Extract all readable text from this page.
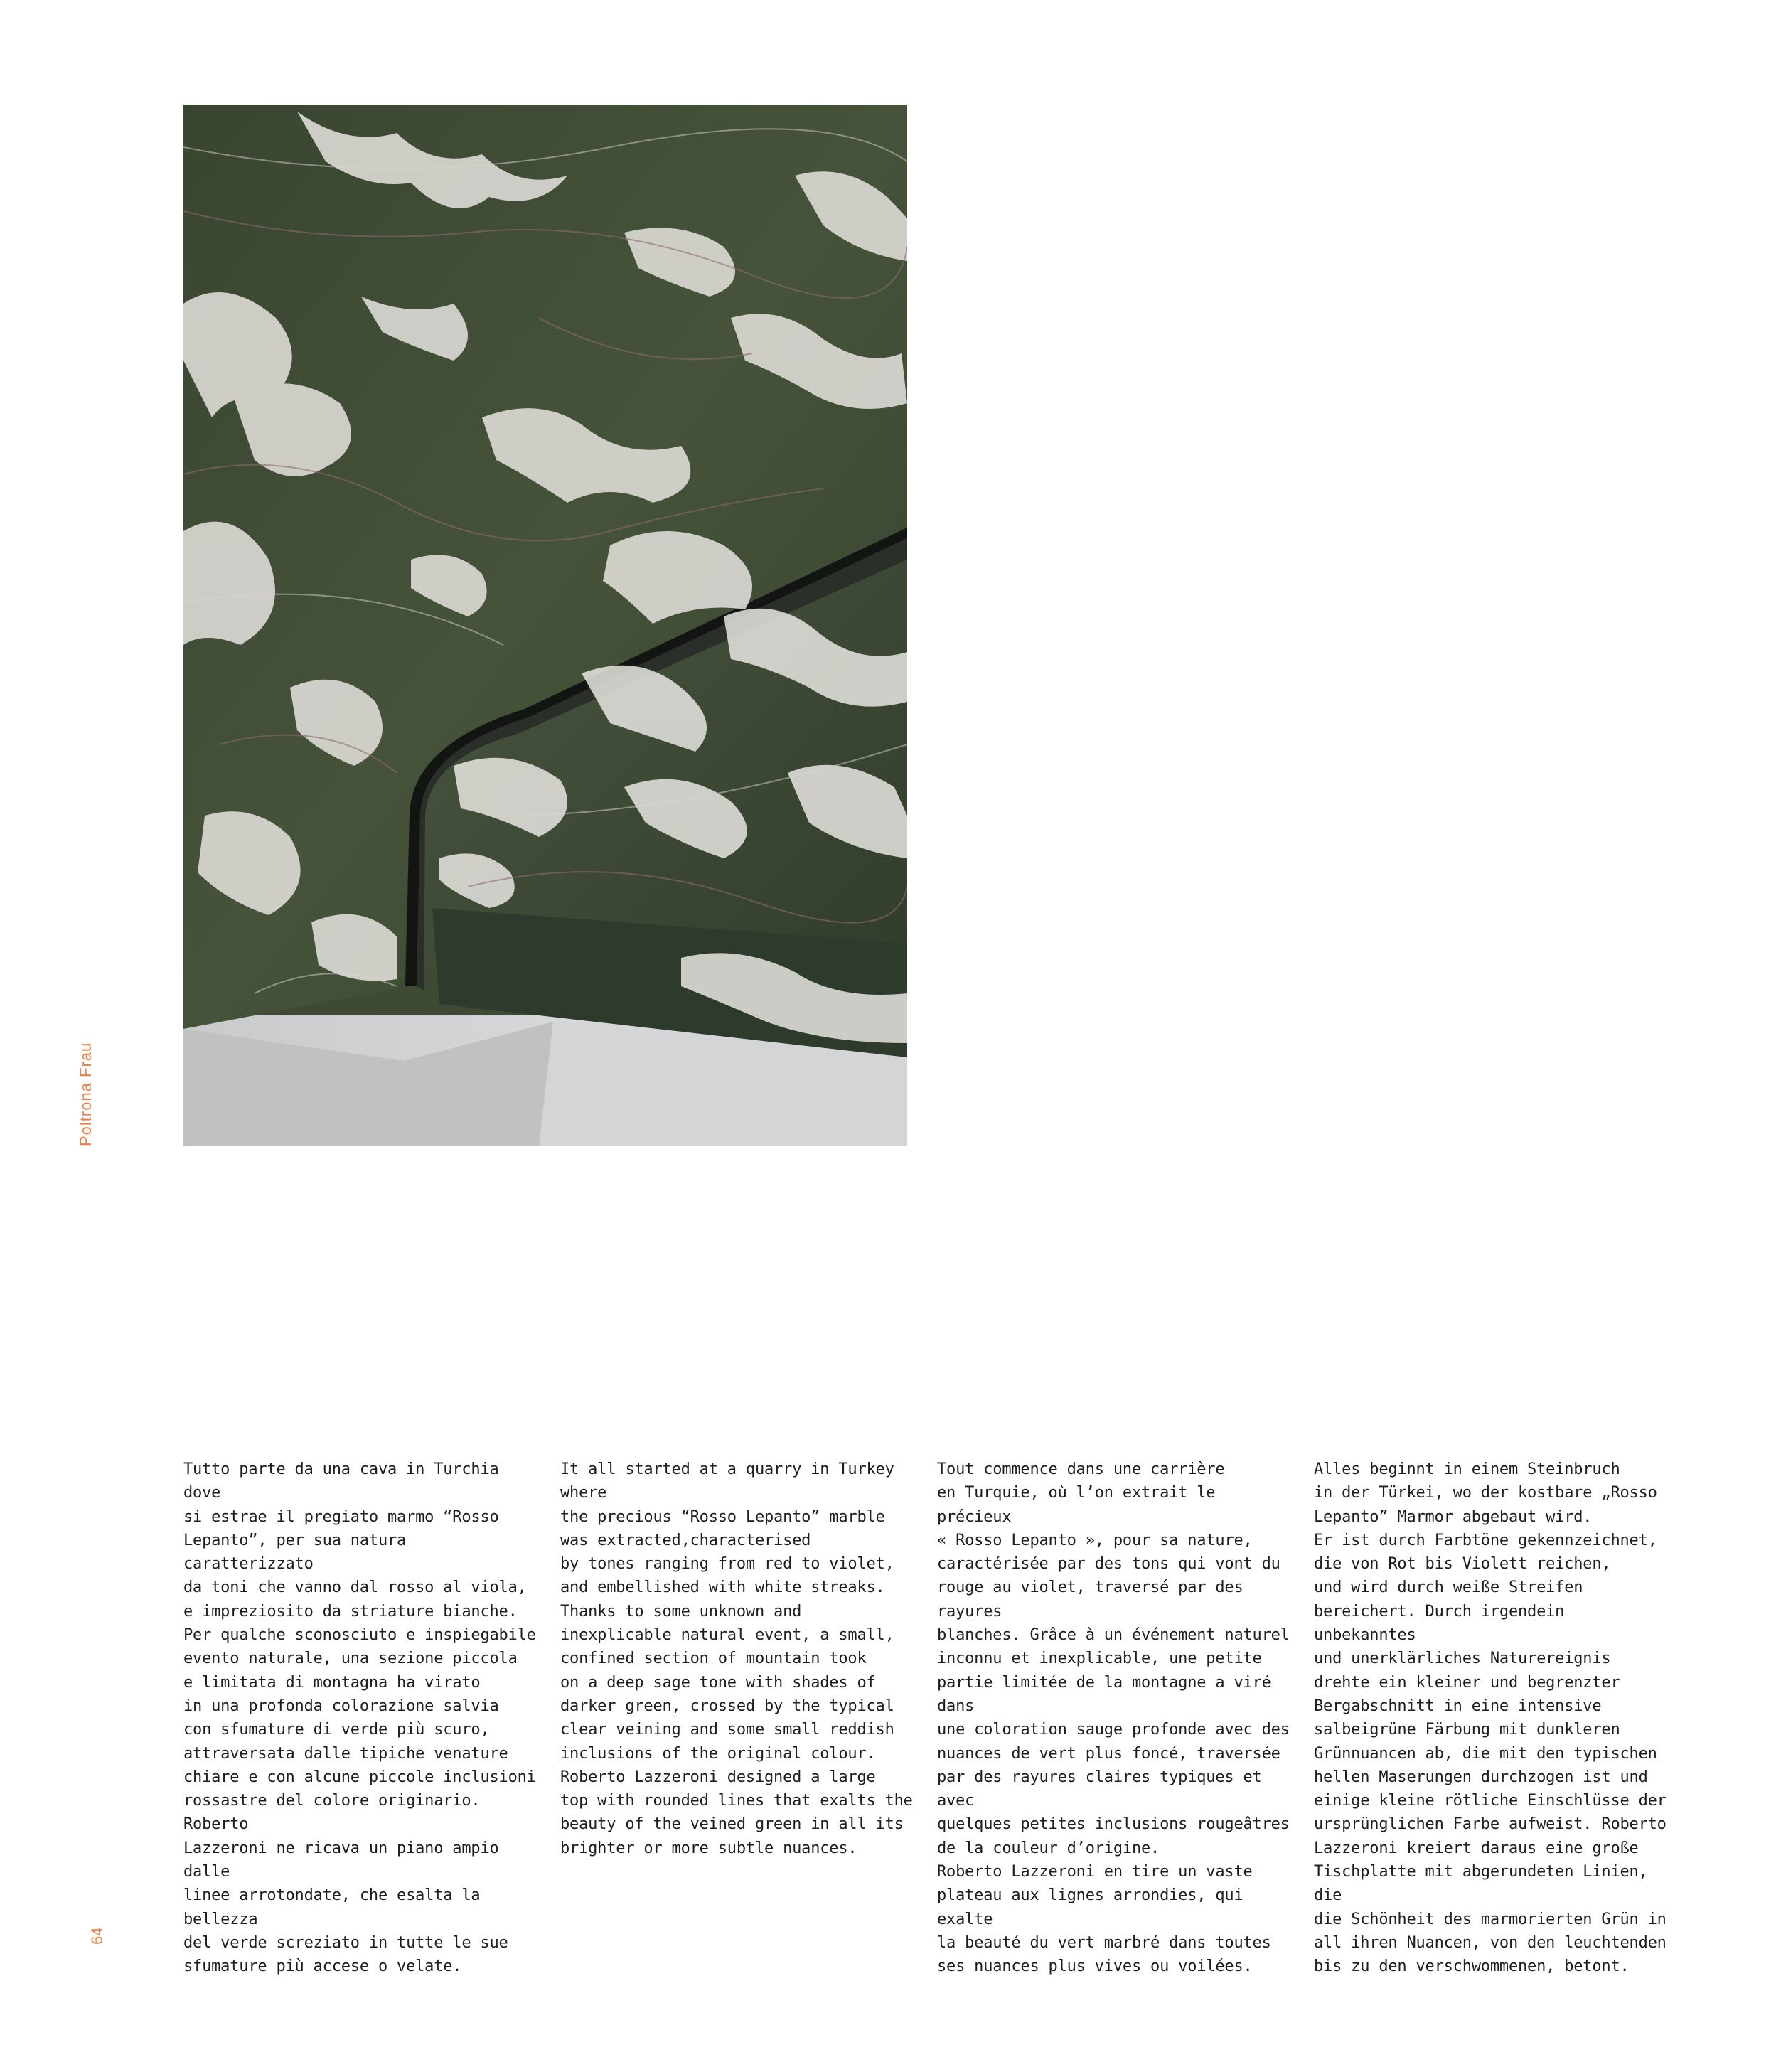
Poltrona Frau
64
Tutto parte da una cava in Turchia dove
si estrae il pregiato marmo “Rosso
Lepanto”, per sua natura caratterizzato
da toni che vanno dal rosso al viola,
e impreziosito da striature bianche.
Per qualche sconosciuto e inspiegabile
evento naturale, una sezione piccola
e limitata di montagna ha virato
in una profonda colorazione salvia
con sfumature di verde più scuro,
attraversata dalle tipiche venature
chiare e con alcune piccole inclusioni
rossastre del colore originario. Roberto
Lazzeroni ne ricava un piano ampio dalle
linee arrotondate, che esalta la bellezza
del verde screziato in tutte le sue
sfumature più accese o velate.
It all started at a quarry in Turkey where
the precious “Rosso Lepanto” marble
was extracted,characterised
by tones ranging from red to violet,
and embellished with white streaks.
Thanks to some unknown and
inexplicable natural event, a small,
confined section of mountain took
on a deep sage tone with shades of
darker green, crossed by the typical
clear veining and some small reddish
inclusions of the original colour.
Roberto Lazzeroni designed a large
top with rounded lines that exalts the
beauty of the veined green in all its
brighter or more subtle nuances.
Tout commence dans une carrière
en Turquie, où l’on extrait le précieux
« Rosso Lepanto », pour sa nature,
caractérisée par des tons qui vont du
rouge au violet, traversé par des rayures
blanches. Grâce à un événement naturel
inconnu et inexplicable, une petite
partie limitée de la montagne a viré dans
une coloration sauge profonde avec des
nuances de vert plus foncé, traversée
par des rayures claires typiques et avec
quelques petites inclusions rougeâtres
de la couleur d’origine.
Roberto Lazzeroni en tire un vaste
plateau aux lignes arrondies, qui exalte
la beauté du vert marbré dans toutes
ses nuances plus vives ou voilées.
Alles beginnt in einem Steinbruch
in der Türkei, wo der kostbare „Rosso
Lepanto” Marmor abgebaut wird.
Er ist durch Farbtöne gekennzeichnet,
die von Rot bis Violett reichen,
und wird durch weiße Streifen
bereichert. Durch irgendein unbekanntes
und unerklärliches Naturereignis
drehte ein kleiner und begrenzter
Bergabschnitt in eine intensive
salbeigrüne Färbung mit dunkleren
Grünnuancen ab, die mit den typischen
hellen Maserungen durchzogen ist und
einige kleine rötliche Einschlüsse der
ursprünglichen Farbe aufweist. Roberto
Lazzeroni kreiert daraus eine große
Tischplatte mit abgerundeten Linien, die
die Schönheit des marmorierten Grün in
all ihren Nuancen, von den leuchtenden
bis zu den verschwommenen, betont.
